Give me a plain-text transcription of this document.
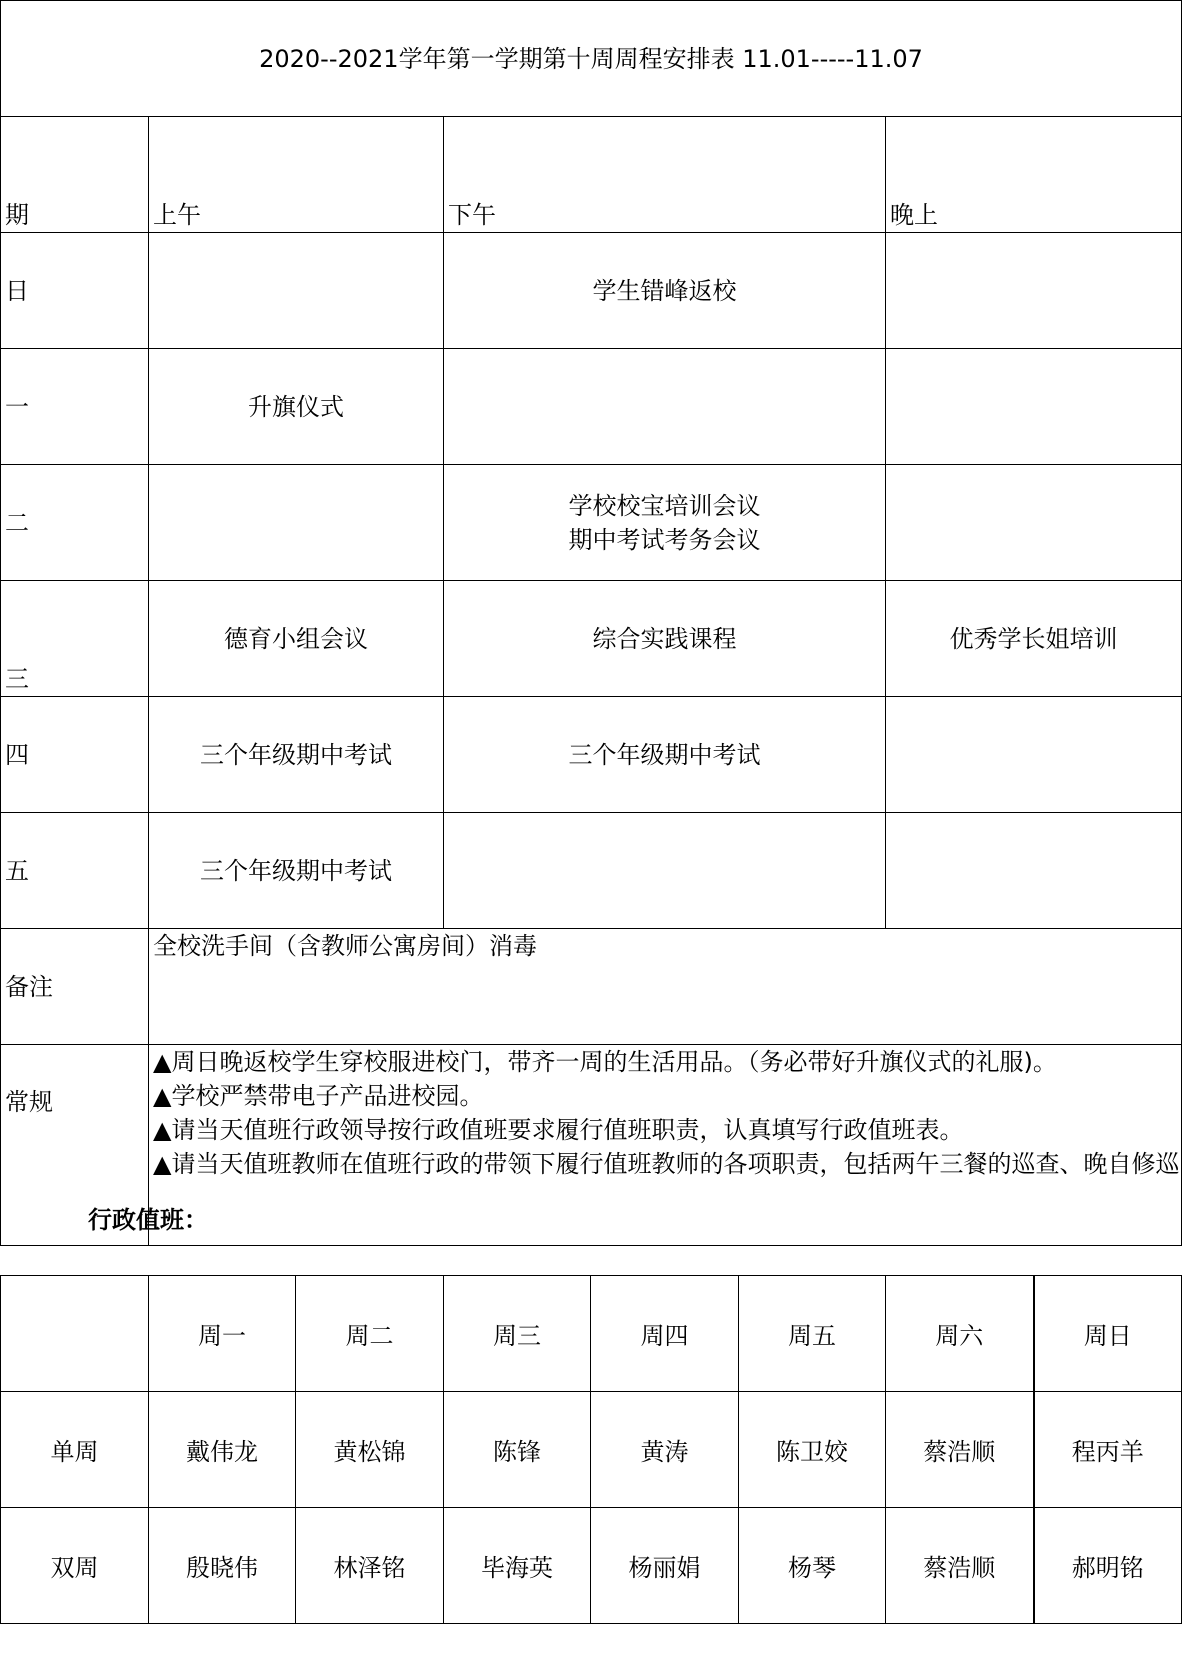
2020--2021学年第一学期第十周周程安排表 11.01-----11.07			
期	上午	下午	晚上
日		学生错峰返校	
一	升旗仪式		
二		学校校宝培训会议
期中考试考务会议	

三	德育小组会议	综合实践课程	优秀学长姐培训
四	三个年级期中考试	三个年级期中考试	
五	三个年级期中考试		
备注	全校洗手间（含教师公寓房间）消毒		
常规	▲周日晚返校学生穿校服进校门，带齐一周的生活用品。（务必带好升旗仪式的礼服)。
▲学校严禁带电子产品进校园。
▲请当天值班行政领导按行政值班要求履行值班职责，认真填写行政值班表。
▲请当天值班教师在值班行政的带领下履行值班教师的各项职责，包括两午三餐的巡查、晚自修巡		
行政值班：
	周一	周二	周三	周四	周五	周六	周日
单周	戴伟龙	黄松锦	陈锋	黄涛	陈卫姣	蔡浩顺	程丙羊
双周	殷晓伟	林泽铭	毕海英	杨丽娟	杨琴	蔡浩顺	郝明铭
